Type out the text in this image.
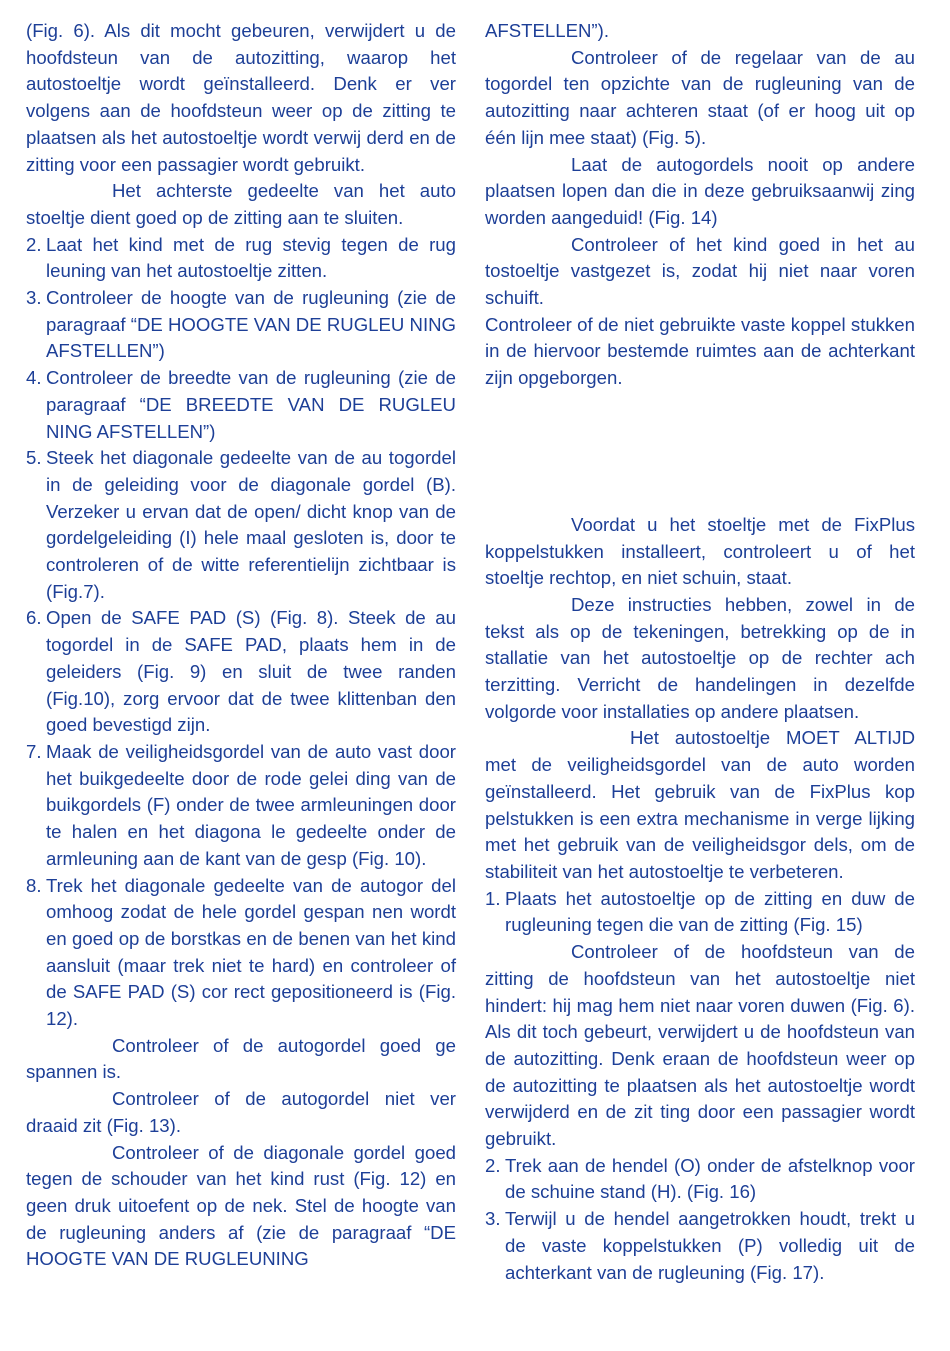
(Fig. 6). Als dit mocht gebeuren, verwijdert u de hoofdsteun van de autozitting, waarop het autostoeltje wordt geïnstalleerd. Denk er ver volgens aan de hoofdsteun weer op de zitting te plaatsen als het autostoeltje wordt verwij derd en de zitting voor een passagier wordt gebruikt.

Het achterste gedeelte van het auto stoeltje dient goed op de zitting aan te sluiten.

2. Laat het kind met de rug stevig tegen de rug leuning van het autostoeltje zitten.
3. Controleer de hoogte van de rugleuning (zie de paragraaf “DE HOOGTE VAN DE RUGLEU NING AFSTELLEN”)
4. Controleer de breedte van de rugleuning (zie de paragraaf “DE BREEDTE VAN DE RUGLEU NING AFSTELLEN”)
5. Steek het diagonale gedeelte van de au togordel in de geleiding voor de diagonale gordel (B). Verzeker u ervan dat de open/ dicht knop van de gordelgeleiding (I) hele maal gesloten is, door te controleren of de witte referentielijn zichtbaar is (Fig.7).
6. Open de SAFE PAD (S) (Fig. 8). Steek de au togordel in de SAFE PAD, plaats hem in de geleiders (Fig. 9) en sluit de twee randen (Fig.10), zorg ervoor dat de twee klittenban den goed bevestigd zijn.
7. Maak de veiligheidsgordel van de auto vast door het buikgedeelte door de rode gelei ding van de buikgordels (F) onder de twee armleuningen door te halen en het diagona le gedeelte onder de armleuning aan de kant van de gesp (Fig. 10).
8. Trek het diagonale gedeelte van de autogor del omhoog zodat de hele gordel gespan nen wordt en goed op de borstkas en de benen van het kind aansluit (maar trek niet te hard) en controleer of de SAFE PAD (S) cor rect gepositioneerd is (Fig. 12).

Controleer of de autogordel goed ge spannen is.

Controleer of de autogordel niet ver draaid zit (Fig. 13).

Controleer of de diagonale gordel goed tegen de schouder van het kind rust (Fig. 12) en geen druk uitoefent op de nek. Stel de hoogte van de rugleuning anders af (zie de paragraaf “DE HOOGTE VAN DE RUGLEUNING

AFSTELLEN”).

Controleer of de regelaar van de au togordel ten opzichte van de rugleuning van de autozitting naar achteren staat (of er hoog uit op één lijn mee staat) (Fig. 5).

Laat de autogordels nooit op andere plaatsen lopen dan die in deze gebruiksaanwij zing worden aangeduid! (Fig. 14)

Controleer of het kind goed in het au tostoeltje vastgezet is, zodat hij niet naar voren schuift.

Controleer of de niet gebruikte vaste koppel stukken in de hiervoor bestemde ruimtes aan de achterkant zijn opgeborgen.

Voordat u het stoeltje met de FixPlus koppelstukken installeert, controleert u of het stoeltje rechtop, en niet schuin, staat.

Deze instructies hebben, zowel in de tekst als op de tekeningen, betrekking op de in stallatie van het autostoeltje op de rechter ach terzitting. Verricht de handelingen in dezelfde volgorde voor installaties op andere plaatsen.

Het autostoeltje MOET ALTIJD met de veiligheidsgordel van de auto worden geïnstalleerd. Het gebruik van de FixPlus kop pelstukken is een extra mechanisme in verge lijking met het gebruik van de veiligheidsgor dels, om de stabiliteit van het autostoeltje te verbeteren.

1. Plaats het autostoeltje op de zitting en duw de rugleuning tegen die van de zitting (Fig. 15)

Controleer of de hoofdsteun van de zitting de hoofdsteun van het autostoeltje niet hindert: hij mag hem niet naar voren duwen (Fig. 6). Als dit toch gebeurt, verwijdert u de hoofdsteun van de autozitting. Denk eraan de hoofdsteun weer op de autozitting te plaatsen als het autostoeltje wordt verwijderd en de zit ting door een passagier wordt gebruikt.

2. Trek aan de hendel (O) onder de afstelknop voor de schuine stand (H). (Fig. 16)
3. Terwijl u de hendel aangetrokken houdt, trekt u de vaste koppelstukken (P) volledig uit de achterkant van de rugleuning (Fig. 17).
